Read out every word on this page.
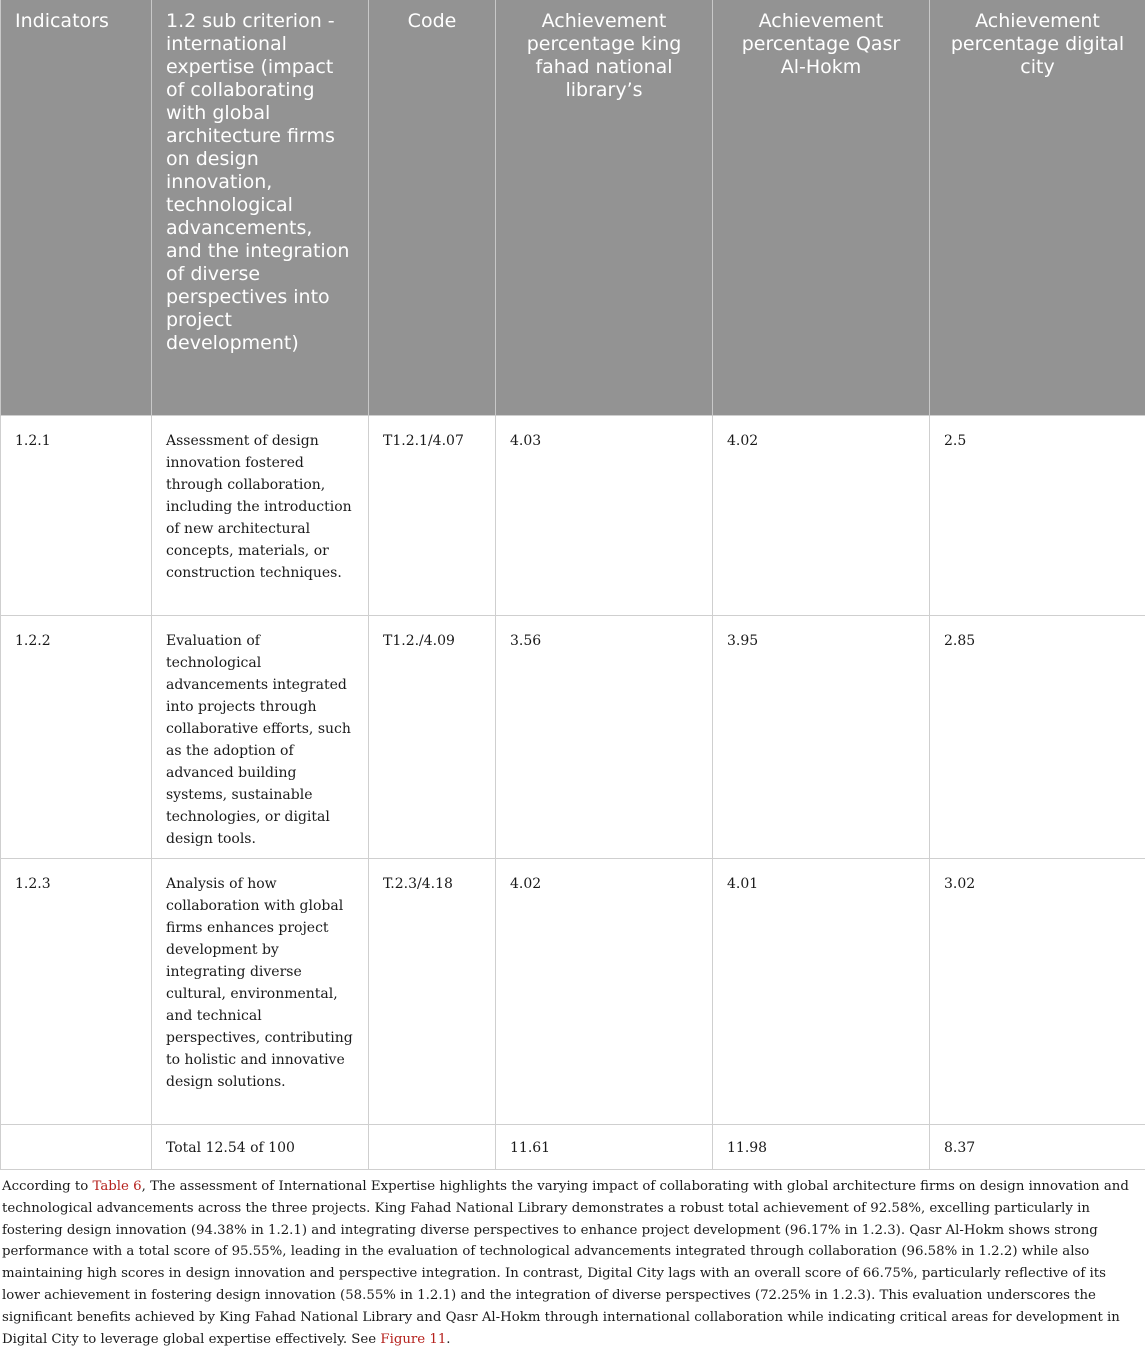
Indicators	1.2 sub criterion - international expertise (impact of collaborating with global architecture firms on design innovation, technological advancements, and the integration of diverse perspectives into project development)	Code	Achievement percentage king fahad national library’s	Achievement percentage Qasr Al-Hokm	Achievement percentage digital city
1.2.1	Assessment of design innovation fostered through collaboration, including the introduction of new architectural concepts, materials, or construction techniques.	T1.2.1/4.07	4.03	4.02	2.5
1.2.2	Evaluation of technological advancements integrated into projects through collaborative efforts, such as the adoption of advanced building systems, sustainable technologies, or digital design tools.	T1.2./4.09	3.56	3.95	2.85
1.2.3	Analysis of how collaboration with global firms enhances project development by integrating diverse cultural, environmental, and technical perspectives, contributing to holistic and innovative design solutions.	T.2.3/4.18	4.02	4.01	3.02
	Total 12.54 of 100		11.61	11.98	8.37

According to Table 6, The assessment of International Expertise highlights the varying impact of collaborating with global architecture firms on design innovation and technological advancements across the three projects. King Fahad National Library demonstrates a robust total achievement of 92.58%, excelling particularly in fostering design innovation (94.38% in 1.2.1) and integrating diverse perspectives to enhance project development (96.17% in 1.2.3). Qasr Al-Hokm shows strong performance with a total score of 95.55%, leading in the evaluation of technological advancements integrated through collaboration (96.58% in 1.2.2) while also maintaining high scores in design innovation and perspective integration. In contrast, Digital City lags with an overall score of 66.75%, particularly reflective of its lower achievement in fostering design innovation (58.55% in 1.2.1) and the integration of diverse perspectives (72.25% in 1.2.3). This evaluation underscores the significant benefits achieved by King Fahad National Library and Qasr Al-Hokm through international collaboration while indicating critical areas for development in Digital City to leverage global expertise effectively. See Figure 11.
